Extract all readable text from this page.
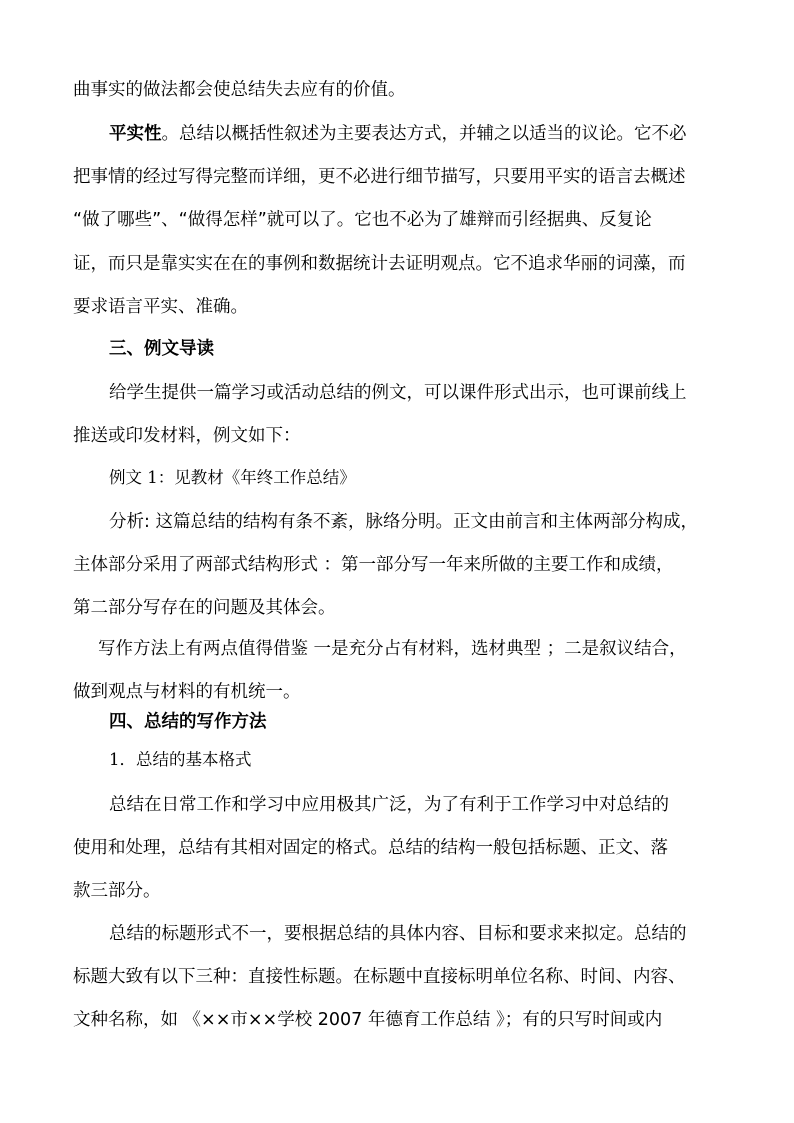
曲事实的做法都会使总结失去应有的价值。
平实性。总结以概括性叙述为主要表达方式，并辅之以适当的议论。它不必
把事情的经过写得完整而详细，更不必进行细节描写，只要用平实的语言去概述
“做了哪些”、“做得怎样”就可以了。它也不必为了雄辩而引经据典、反复论
证，而只是靠实实在在的事例和数据统计去证明观点。它不追求华丽的词藻，而
要求语言平实、准确。
三、例文导读
给学生提供一篇学习或活动总结的例文，可以课件形式出示，也可课前线上
推送或印发材料，例文如下：
例文 1：见教材《年终工作总结》
分析: 这篇总结的结构有条不紊，脉络分明。正文由前言和主体两部分构成，
主体部分采用了两部式结构形式 ：第一部分写一年来所做的主要工作和成绩，
第二部分写存在的问题及其体会。
写作方法上有两点值得借鉴 一是充分占有材料，选材典型 ；二是叙议结合，
做到观点与材料的有机统一。
四、总结的写作方法
1．总结的基本格式
总结在日常工作和学习中应用极其广泛，为了有利于工作学习中对总结的
使用和处理，总结有其相对固定的格式。总结的结构一般包括标题、正文、落
款三部分。
总结的标题形式不一，要根据总结的具体内容、目标和要求来拟定。总结的
标题大致有以下三种：直接性标题。在标题中直接标明单位名称、时间、内容、
文种名称，如 《××市××学校 2007 年德育工作总结 》；有的只写时间或内
